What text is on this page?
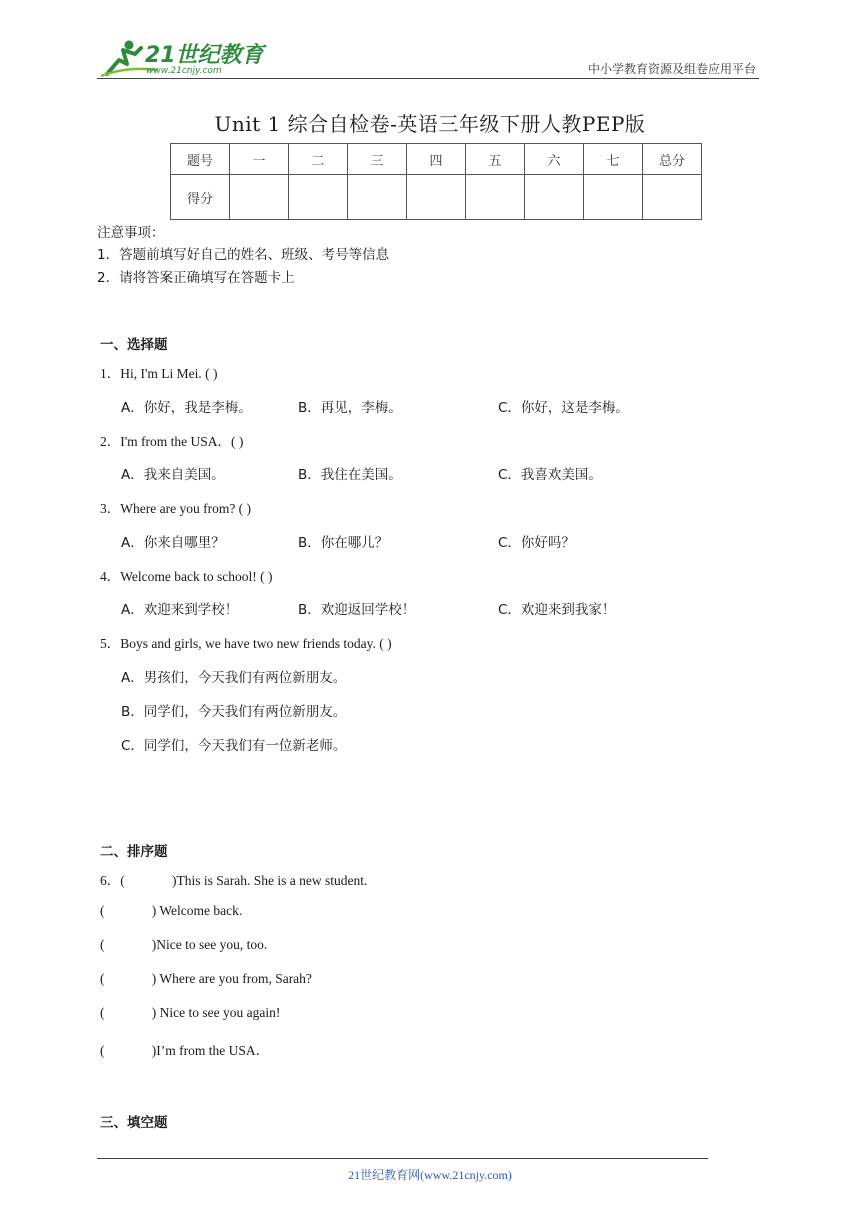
21世纪教育
www.21cnjy.com	中小学教育资源及组卷应用平台
Unit 1 综合自检卷-英语三年级下册人教PEP版
题号	一	二	三	四	五	六	七	总分
得分								
注意事项：
1．答题前填写好自己的姓名、班级、考号等信息
2．请将答案正确填写在答题卡上
一、选择题
1．Hi, I'm Li Mei. ( )
A．你好，我是李梅。	B．再见，李梅。	C．你好，这是李梅。
2．I'm from the USA．( )
A．我来自美国。	B．我住在美国。	C．我喜欢美国。
3．Where are you from? ( )
A．你来自哪里？	B．你在哪儿？	C．你好吗？
4．Welcome back to school! ( )
A．欢迎来到学校！	B．欢迎返回学校！	C．欢迎来到我家！
5．Boys and girls, we have two new friends today. ( )
A．男孩们，今天我们有两位新朋友。
B．同学们，今天我们有两位新朋友。
C．同学们，今天我们有一位新老师。
二、排序题
6．(              )This is Sarah. She is a new student.
(              ) Welcome back.
(              )Nice to see you, too.
(              ) Where are you from, Sarah?
(              ) Nice to see you again!
(              )I’m from the USA．
三、填空题
21世纪教育网(www.21cnjy.com)
